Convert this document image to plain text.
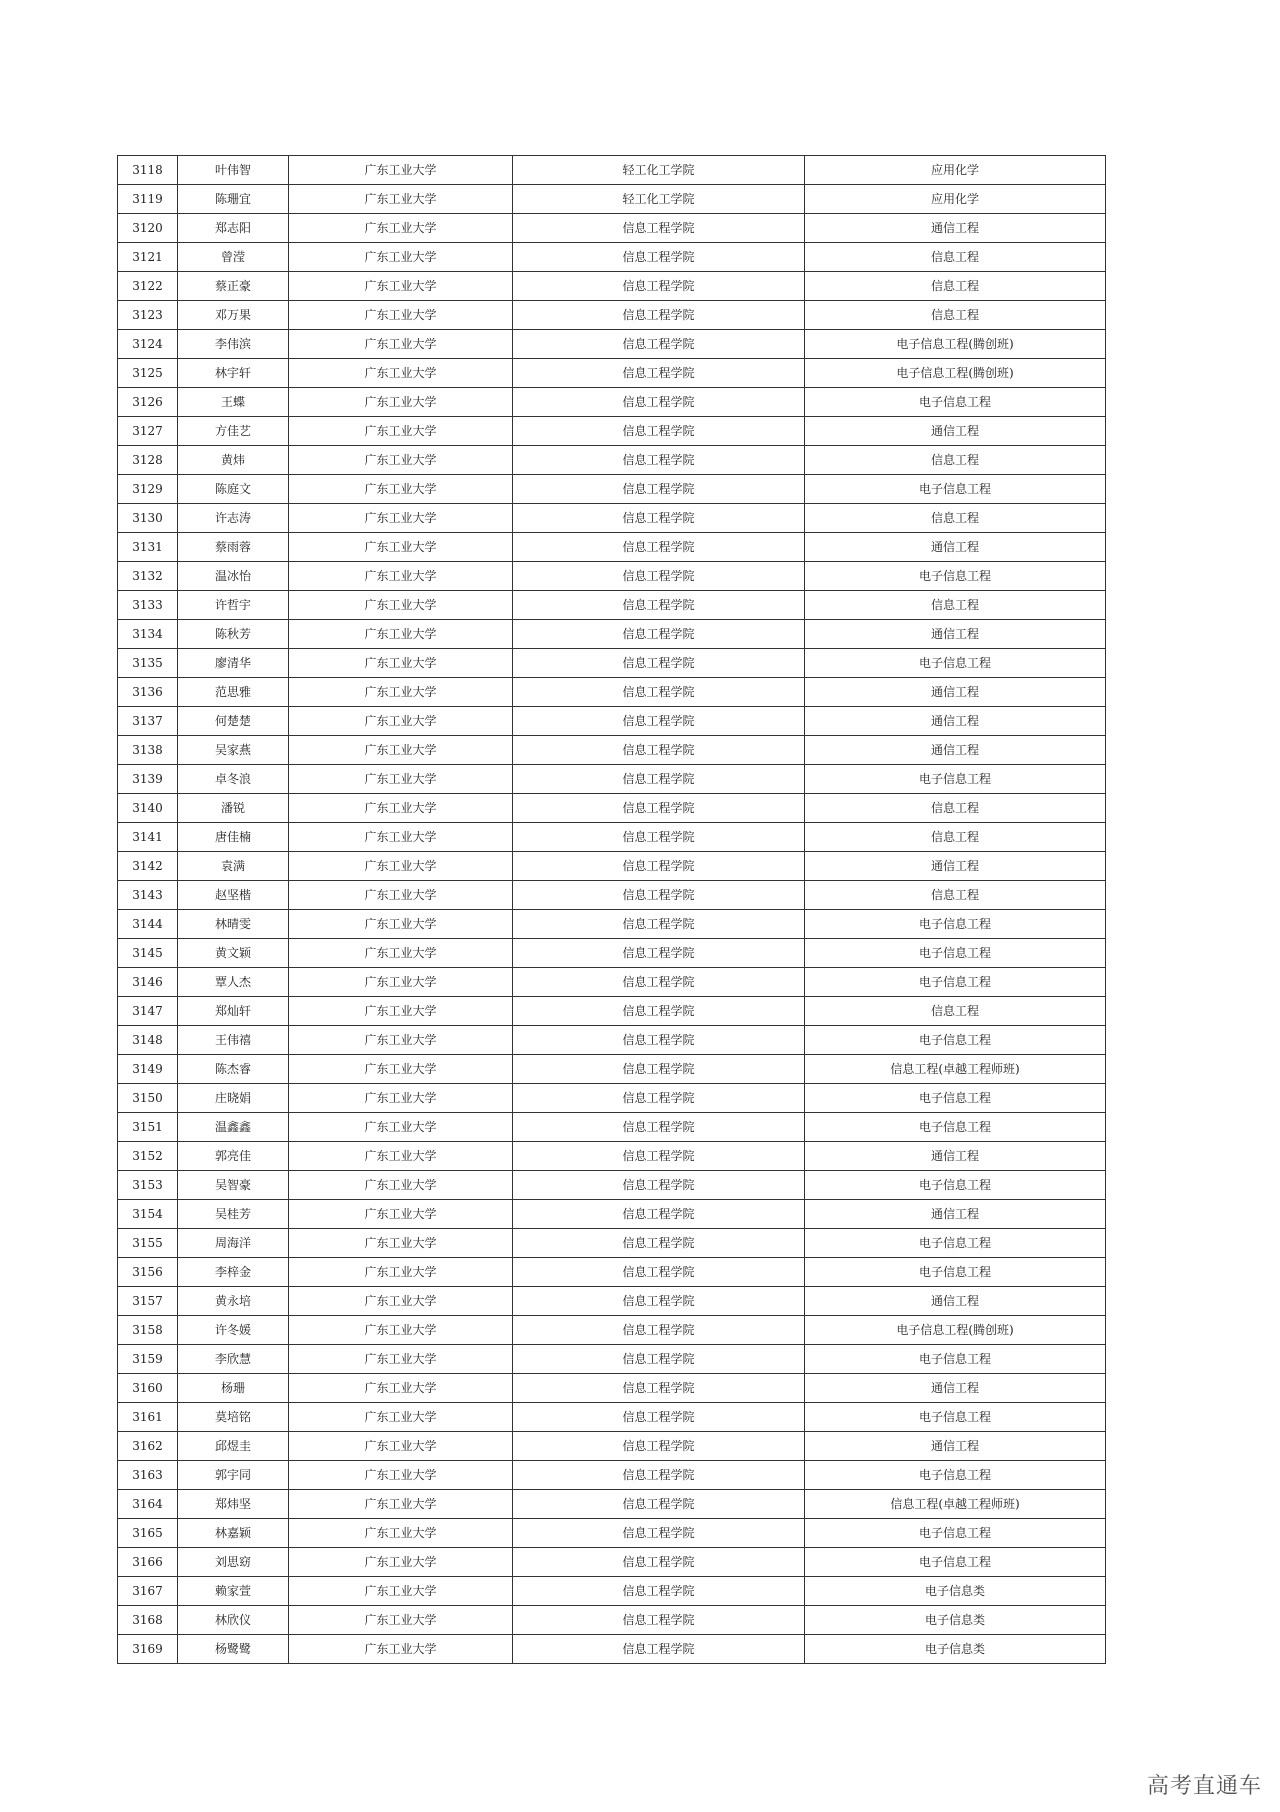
3118	叶伟智	广东工业大学	轻工化工学院	应用化学
3119	陈珊宜	广东工业大学	轻工化工学院	应用化学
3120	郑志阳	广东工业大学	信息工程学院	通信工程
3121	曾滢	广东工业大学	信息工程学院	信息工程
3122	蔡正豪	广东工业大学	信息工程学院	信息工程
3123	邓万果	广东工业大学	信息工程学院	信息工程
3124	李伟滨	广东工业大学	信息工程学院	电子信息工程(腾创班)
3125	林宇轩	广东工业大学	信息工程学院	电子信息工程(腾创班)
3126	王蝶	广东工业大学	信息工程学院	电子信息工程
3127	方佳艺	广东工业大学	信息工程学院	通信工程
3128	黄炜	广东工业大学	信息工程学院	信息工程
3129	陈庭文	广东工业大学	信息工程学院	电子信息工程
3130	许志涛	广东工业大学	信息工程学院	信息工程
3131	蔡雨蓉	广东工业大学	信息工程学院	通信工程
3132	温冰怡	广东工业大学	信息工程学院	电子信息工程
3133	许哲宇	广东工业大学	信息工程学院	信息工程
3134	陈秋芳	广东工业大学	信息工程学院	通信工程
3135	廖清华	广东工业大学	信息工程学院	电子信息工程
3136	范思雅	广东工业大学	信息工程学院	通信工程
3137	何楚楚	广东工业大学	信息工程学院	通信工程
3138	吴家燕	广东工业大学	信息工程学院	通信工程
3139	卓冬浪	广东工业大学	信息工程学院	电子信息工程
3140	潘锐	广东工业大学	信息工程学院	信息工程
3141	唐佳楠	广东工业大学	信息工程学院	信息工程
3142	袁满	广东工业大学	信息工程学院	通信工程
3143	赵坚楷	广东工业大学	信息工程学院	信息工程
3144	林晴雯	广东工业大学	信息工程学院	电子信息工程
3145	黄文颖	广东工业大学	信息工程学院	电子信息工程
3146	覃人杰	广东工业大学	信息工程学院	电子信息工程
3147	郑灿轩	广东工业大学	信息工程学院	信息工程
3148	王伟禧	广东工业大学	信息工程学院	电子信息工程
3149	陈杰睿	广东工业大学	信息工程学院	信息工程(卓越工程师班)
3150	庄晓娟	广东工业大学	信息工程学院	电子信息工程
3151	温鑫鑫	广东工业大学	信息工程学院	电子信息工程
3152	郭亮佳	广东工业大学	信息工程学院	通信工程
3153	吴智豪	广东工业大学	信息工程学院	电子信息工程
3154	吴桂芳	广东工业大学	信息工程学院	通信工程
3155	周海洋	广东工业大学	信息工程学院	电子信息工程
3156	李梓金	广东工业大学	信息工程学院	电子信息工程
3157	黄永培	广东工业大学	信息工程学院	通信工程
3158	许冬媛	广东工业大学	信息工程学院	电子信息工程(腾创班)
3159	李欣慧	广东工业大学	信息工程学院	电子信息工程
3160	杨珊	广东工业大学	信息工程学院	通信工程
3161	莫培铭	广东工业大学	信息工程学院	电子信息工程
3162	邱煜圭	广东工业大学	信息工程学院	通信工程
3163	郭宇同	广东工业大学	信息工程学院	电子信息工程
3164	郑炜坚	广东工业大学	信息工程学院	信息工程(卓越工程师班)
3165	林嘉颖	广东工业大学	信息工程学院	电子信息工程
3166	刘思窈	广东工业大学	信息工程学院	电子信息工程
3167	赖家萱	广东工业大学	信息工程学院	电子信息类
3168	林欣仪	广东工业大学	信息工程学院	电子信息类
3169	杨鹭鹭	广东工业大学	信息工程学院	电子信息类
高考直通车
